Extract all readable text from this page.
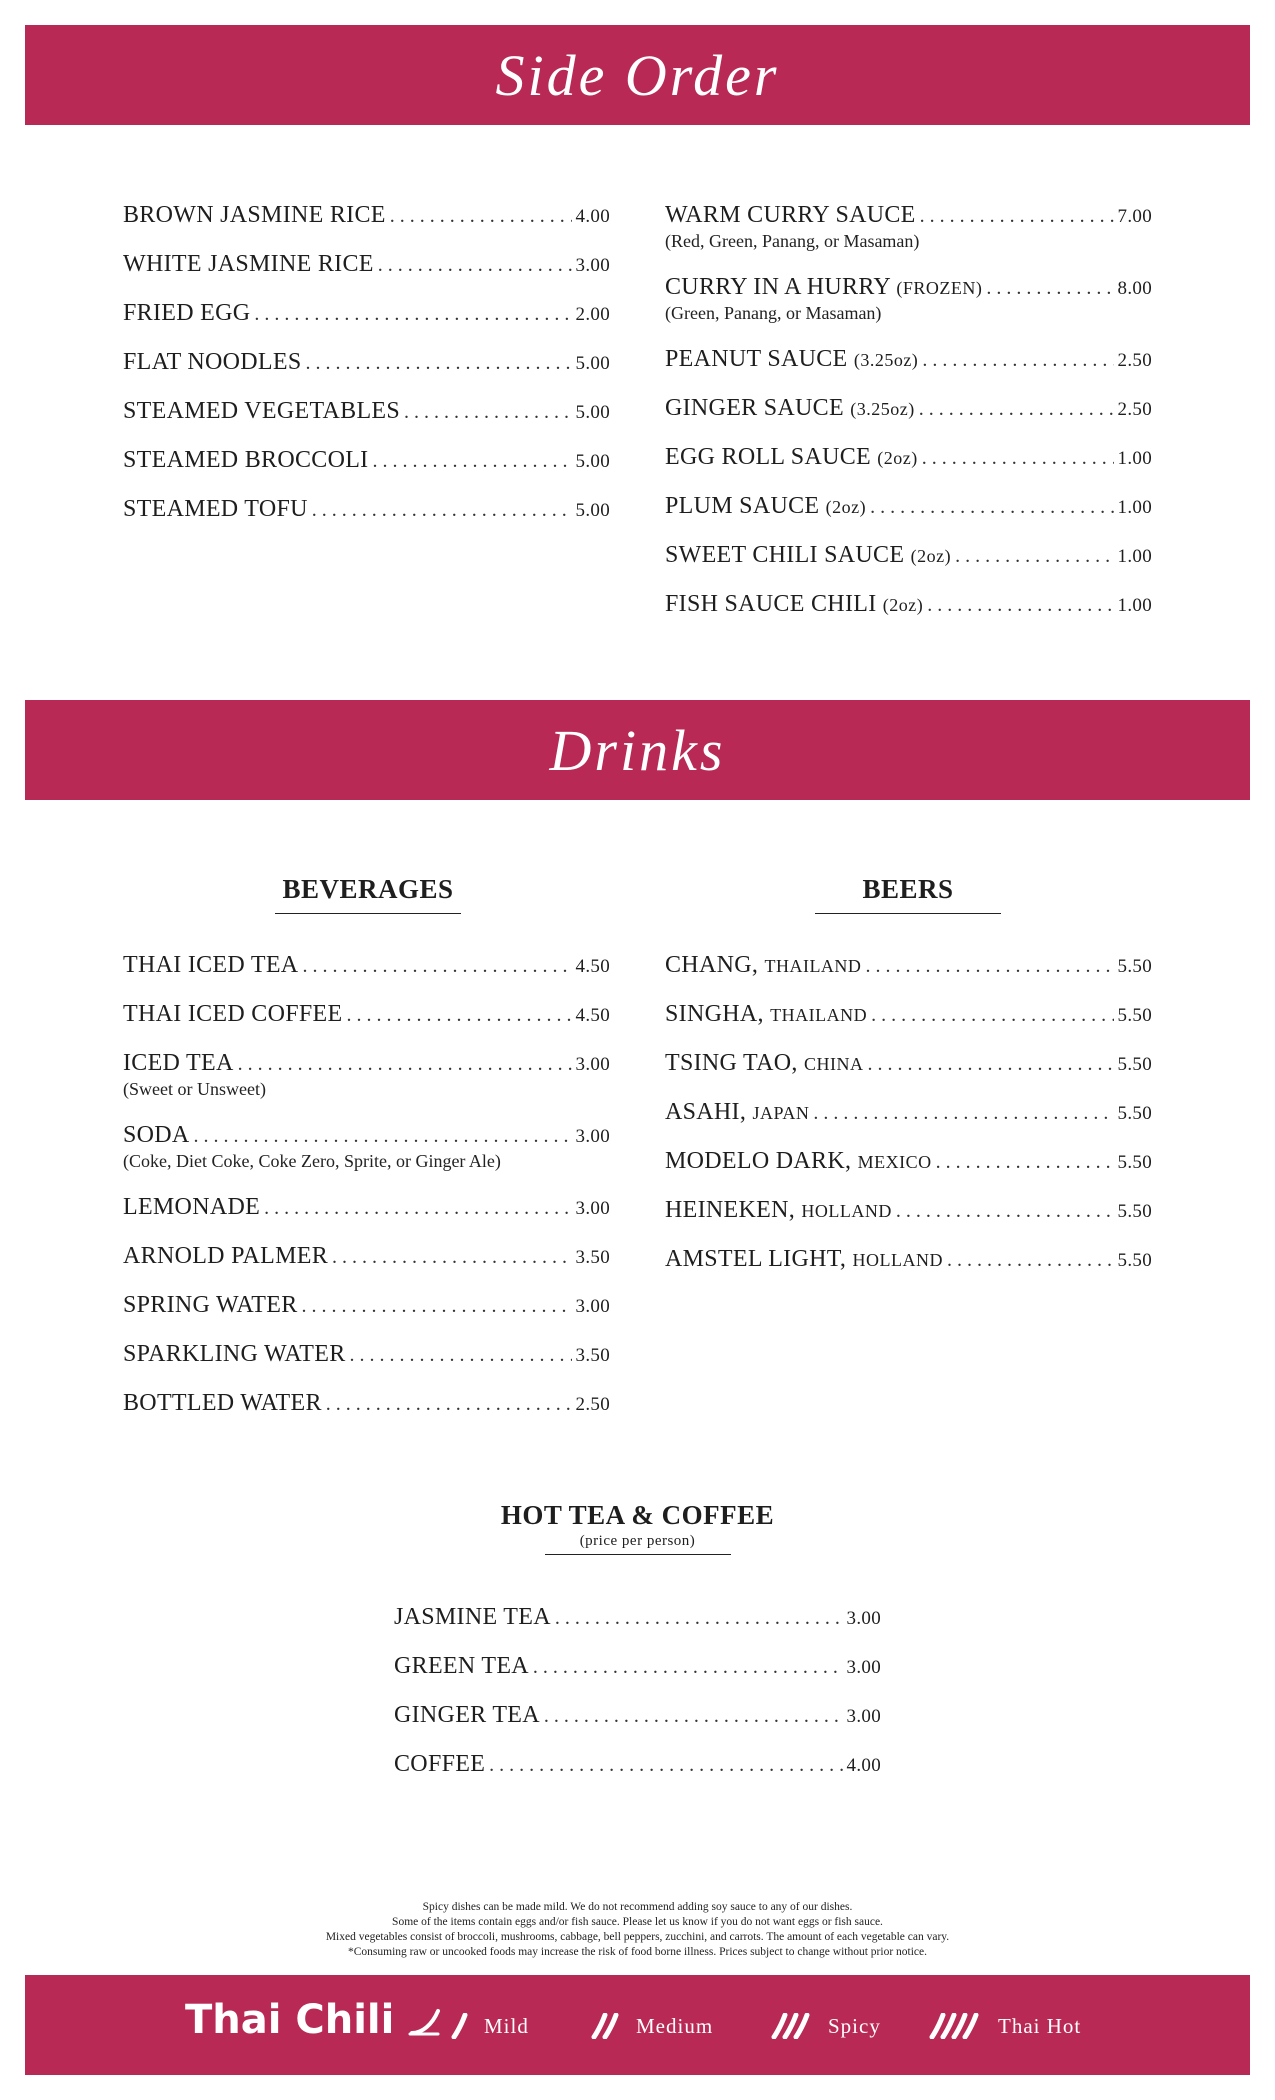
Side Order
BROWN JASMINE RICE . . .	4.00
WHITE JASMINE RICE . . .	3.00
FRIED EGG . . .	2.00
FLAT NOODLES . . .	5.00
STEAMED VEGETABLES . . .	5.00
STEAMED BROCCOLI . . .	5.00
STEAMED TOFU . . .	5.00
WARM CURRY SAUCE . . .	7.00
(Red, Green, Panang, or Masaman)
CURRY IN A HURRY (FROZEN) . . .	8.00
(Green, Panang, or Masaman)
PEANUT SAUCE (3.25oz) . . .	2.50
GINGER SAUCE (3.25oz) . . .	2.50
EGG ROLL SAUCE (2oz) . . .	1.00
PLUM SAUCE (2oz) . . .	1.00
SWEET CHILI SAUCE (2oz) . . .	1.00
FISH SAUCE CHILI (2oz) . . .	1.00
Drinks
BEVERAGES	BEERS
THAI ICED TEA . . .	4.50
THAI ICED COFFEE . . .	4.50
ICED TEA . . .	3.00
(Sweet or Unsweet)
SODA . . .	3.00
(Coke, Diet Coke, Coke Zero, Sprite, or Ginger Ale)
LEMONADE . . .	3.00
ARNOLD PALMER . . .	3.50
SPRING WATER . . .	3.00
SPARKLING WATER . . .	3.50
BOTTLED WATER . . .	2.50
CHANG, THAILAND . . .	5.50
SINGHA, THAILAND . . .	5.50
TSING TAO, CHINA . . .	5.50
ASAHI, JAPAN . . .	5.50
MODELO DARK, MEXICO . . .	5.50
HEINEKEN, HOLLAND . . .	5.50
AMSTEL LIGHT, HOLLAND . . .	5.50
HOT TEA & COFFEE
(price per person)
JASMINE TEA . . .	3.00
GREEN TEA . . .	3.00
GINGER TEA . . .	3.00
COFFEE . . .	4.00
Spicy dishes can be made mild. We do not recommend adding soy sauce to any of our dishes.
Some of the items contain eggs and/or fish sauce. Please let us know if you do not want eggs or fish sauce.
Mixed vegetables consist of broccoli, mushrooms, cabbage, bell peppers, zucchini, and carrots. The amount of each vegetable can vary.
*Consuming raw or uncooked foods may increase the risk of food borne illness. Prices subject to change without prior notice.
Thai Chili	Mild	Medium	Spicy	Thai Hot
